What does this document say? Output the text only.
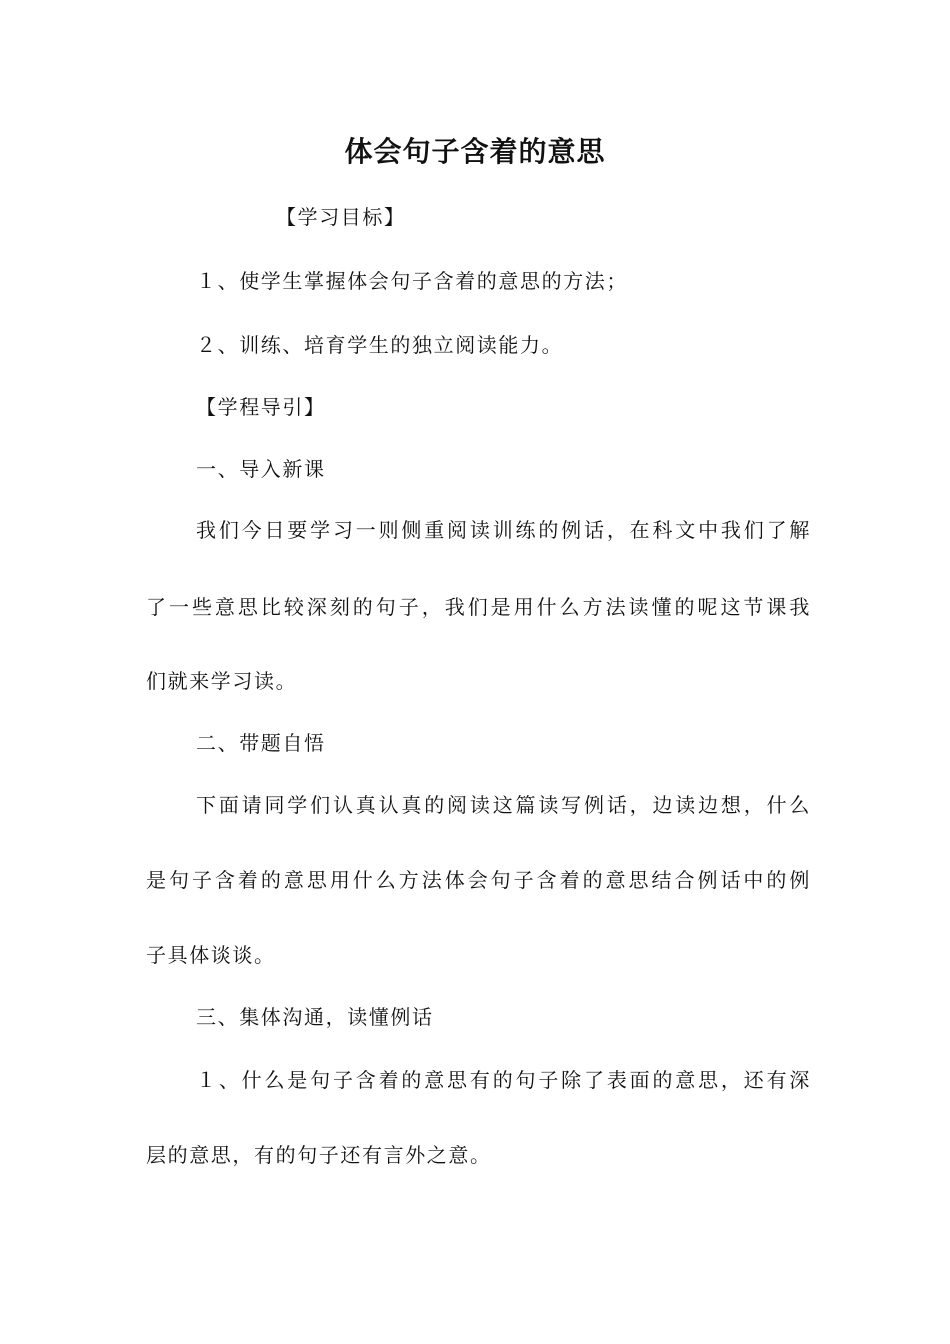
体会句子含着的意思
【学习目标】
１、使学生掌握体会句子含着的意思的方法；
２、训练、培育学生的独立阅读能力。
【学程导引】
一、导入新课
我们今日要学习一则侧重阅读训练的例话，在科文中我们了解
了一些意思比较深刻的句子，我们是用什么方法读懂的呢这节课我
们就来学习读。
二、带题自悟
下面请同学们认真认真的阅读这篇读写例话，边读边想，什么
是句子含着的意思用什么方法体会句子含着的意思结合例话中的例
子具体谈谈。
三、集体沟通，读懂例话
１、什么是句子含着的意思有的句子除了表面的意思，还有深
层的意思，有的句子还有言外之意。
